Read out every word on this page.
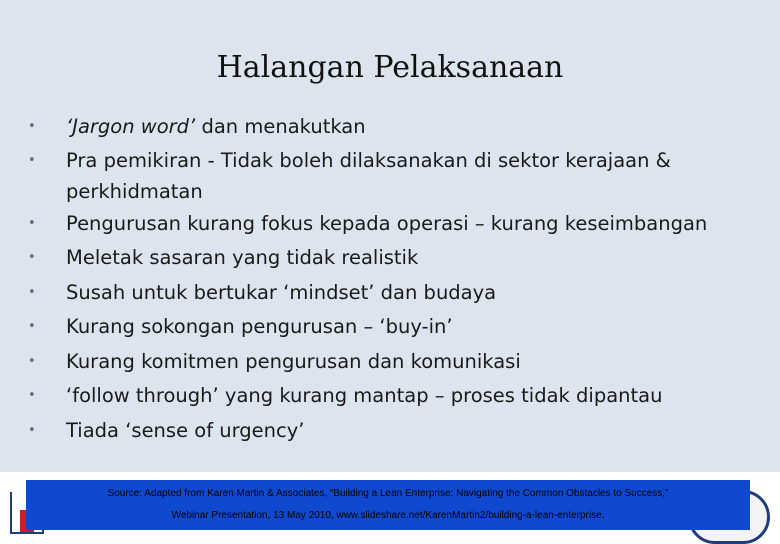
Halangan Pelaksanaan
•	‘Jargon word’ dan menakutkan
•	Pra pemikiran - Tidak boleh dilaksanakan di sektor kerajaan & perkhidmatan
•	Pengurusan kurang fokus kepada operasi – kurang keseimbangan
•	Meletak sasaran yang tidak realistik
•	Susah untuk bertukar ‘mindset’ dan budaya
•	Kurang sokongan pengurusan – ‘buy-in’
•	Kurang komitmen pengurusan dan komunikasi
•	‘follow through’ yang kurang mantap – proses tidak dipantau
•	Tiada ‘sense of urgency’
Source: Adapted from Karen Martin & Associates, “Building a Lean Enterprise: Navigating the Common Obstacles to Success,”
Webinar Presentation, 13 May 2010, www.slideshare.net/KarenMartin2/building-a-lean-enterprise.
